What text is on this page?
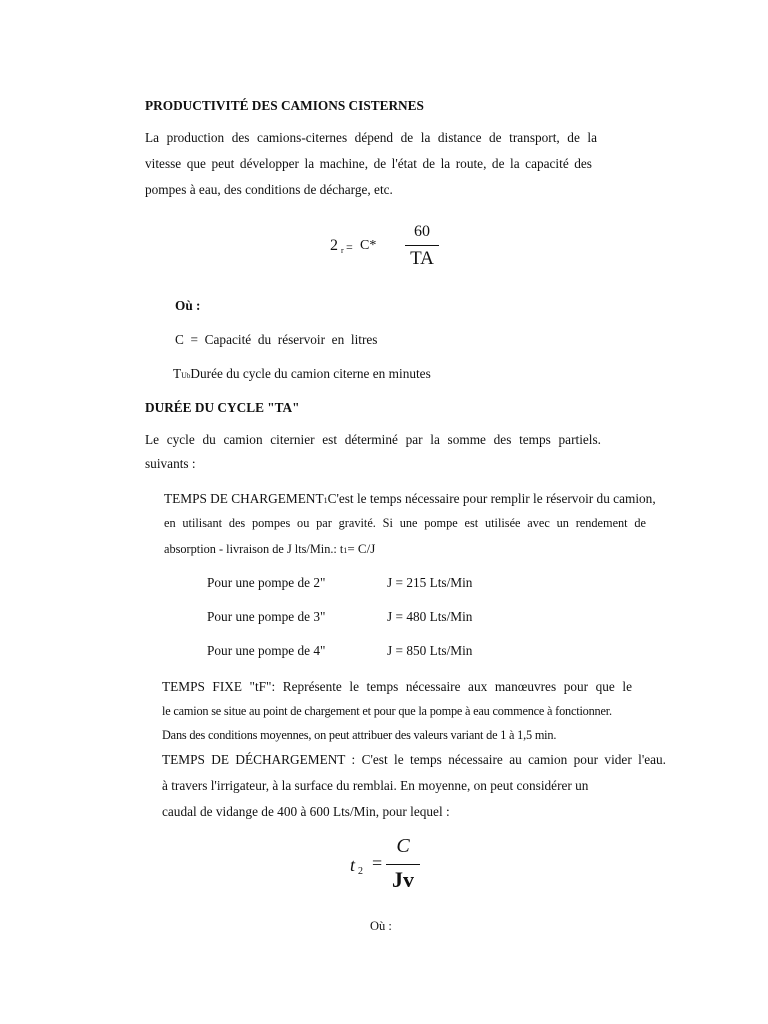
PRODUCTIVITÉ DES CAMIONS CISTERNES
La production des camions-citernes dépend de la distance de transport, de la
vitesse que peut développer la machine, de l'état de la route, de la capacité des
pompes à eau, des conditions de décharge, etc.
2 r = C*
60
TA
Où :
C  =  Capacité  du  réservoir  en  litres
TUbDurée du cycle du camion citerne en minutes
DURÉE DU CYCLE "TA"
Le cycle du camion citernier est déterminé par la somme des temps partiels.
suivants :
TEMPS DE CHARGEMENT1C'est le temps nécessaire pour remplir le réservoir du camion,
en utilisant des pompes ou par gravité. Si une pompe est utilisée avec un rendement de
absorption - livraison de J lts/Min.: t1= C/J
Pour une pompe de 2"	J = 215 Lts/Min
Pour une pompe de 3"	J = 480 Lts/Min
Pour une pompe de 4"	J = 850 Lts/Min
TEMPS FIXE "tF": Représente le temps nécessaire aux manœuvres pour que le
le camion se situe au point de chargement et pour que la pompe à eau commence à fonctionner.
Dans des conditions moyennes, on peut attribuer des valeurs variant de 1 à 1,5 min.
TEMPS DE DÉCHARGEMENT : C'est le temps nécessaire au camion pour vider l'eau.
à travers l'irrigateur, à la surface du remblai. En moyenne, on peut considérer un
caudal de vidange de 400 à 600 Lts/Min, pour lequel :
t 2 =
C
Jv
Où :
